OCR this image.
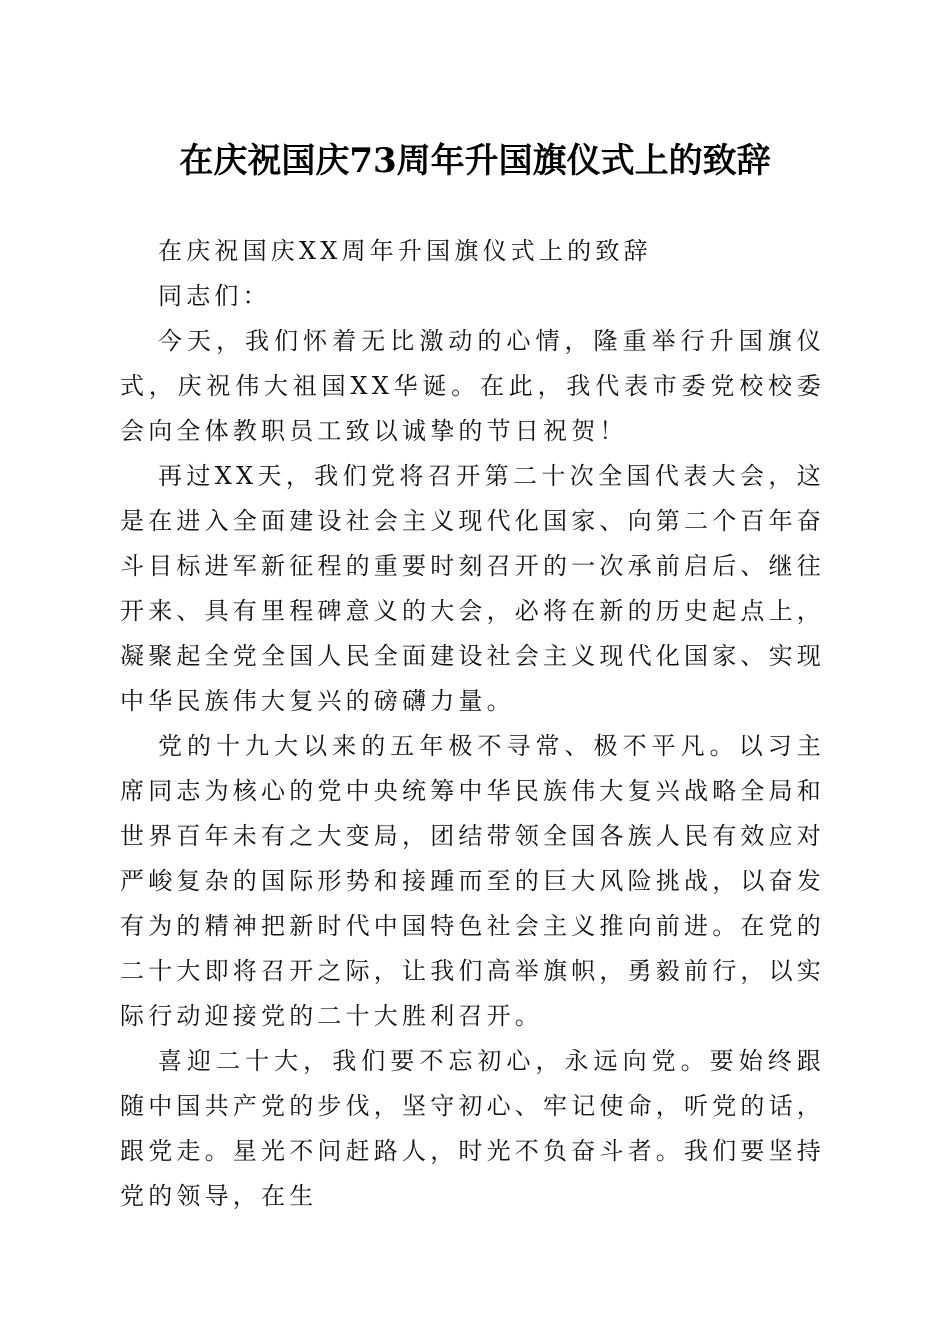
在庆祝国庆73周年升国旗仪式上的致辞

在庆祝国庆XX周年升国旗仪式上的致辞

同志们：

今天，我们怀着无比激动的心情，隆重举行升国旗仪式，庆祝伟大祖国XX华诞。在此，我代表市委党校校委会向全体教职员工致以诚挚的节日祝贺！

再过XX天，我们党将召开第二十次全国代表大会，这是在进入全面建设社会主义现代化国家、向第二个百年奋斗目标进军新征程的重要时刻召开的一次承前启后、继往开来、具有里程碑意义的大会，必将在新的历史起点上，凝聚起全党全国人民全面建设社会主义现代化国家、实现中华民族伟大复兴的磅礴力量。

党的十九大以来的五年极不寻常、极不平凡。以习主席同志为核心的党中央统筹中华民族伟大复兴战略全局和世界百年未有之大变局，团结带领全国各族人民有效应对严峻复杂的国际形势和接踵而至的巨大风险挑战，以奋发有为的精神把新时代中国特色社会主义推向前进。在党的二十大即将召开之际，让我们高举旗帜，勇毅前行，以实际行动迎接党的二十大胜利召开。

喜迎二十大，我们要不忘初心，永远向党。要始终跟随中国共产党的步伐，坚守初心、牢记使命，听党的话，跟党走。星光不问赶路人，时光不负奋斗者。我们要坚持党的领导，在生
